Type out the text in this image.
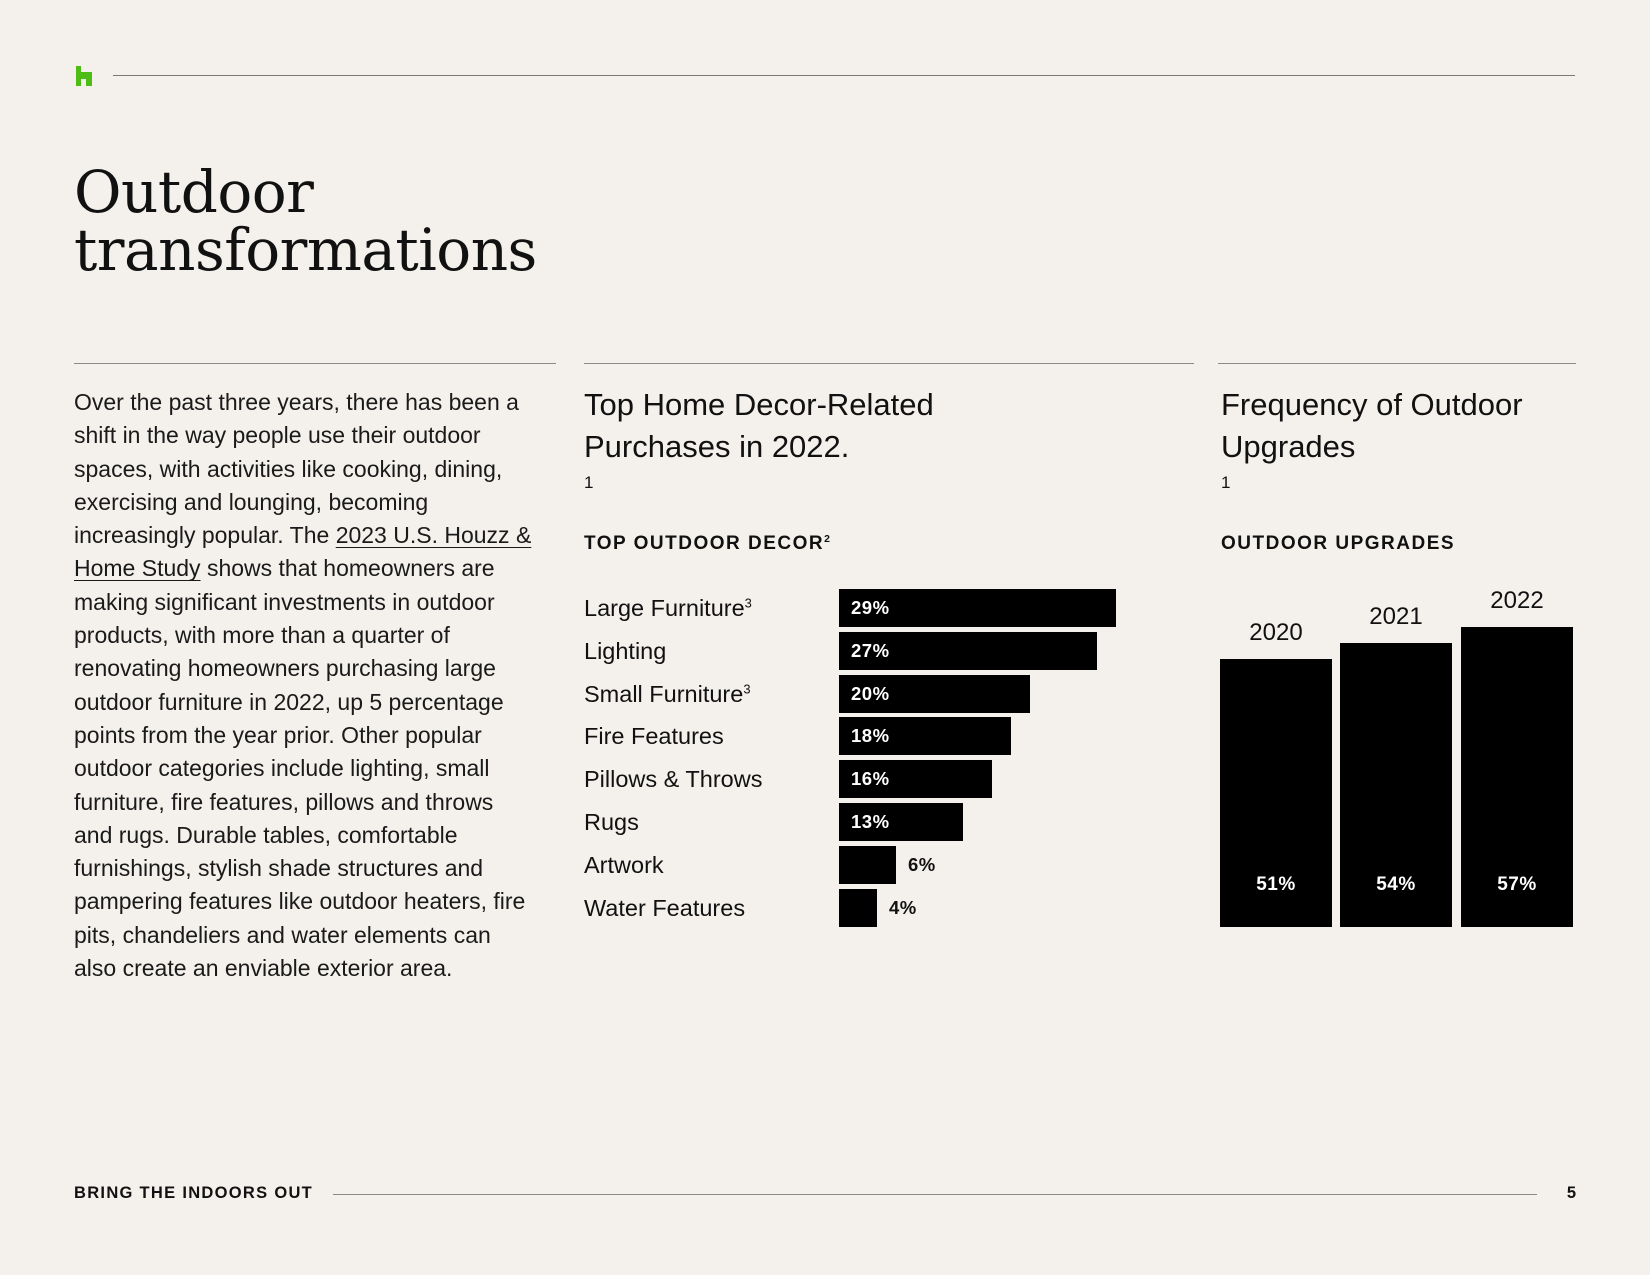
Outdoor
transformations

Over the past three years, there has been a shift in the way people use their outdoor spaces, with activities like cooking, dining, exercising and lounging, becoming increasingly popular. The 2023 U.S. Houzz & Home Study shows that homeowners are making significant investments in outdoor products, with more than a quarter of renovating homeowners purchasing large outdoor furniture in 2022, up 5 percentage points from the year prior. Other popular outdoor categories include lighting, small furniture, fire features, pillows and throws and rugs. Durable tables, comfortable furnishings, stylish shade structures and pampering features like outdoor heaters, fire pits, chandeliers and water elements can also create an enviable exterior area.

Top Home Decor-Related
Purchases in 2022.
$^1$
Frequency of Outdoor
Upgrades
$^1$
TOP OUTDOOR DECOR$^2$	OUTDOOR UPGRADES
Large Furniture$^3$	29%
Lighting	27%
Small Furniture$^3$	20%
Fire Features	18%
Pillows & Throws	16%
Rugs	13%
Artwork	6%
Water Features	4%
2020
51%
2021
54%
2022
57%
BRING THE INDOORS OUT	5
